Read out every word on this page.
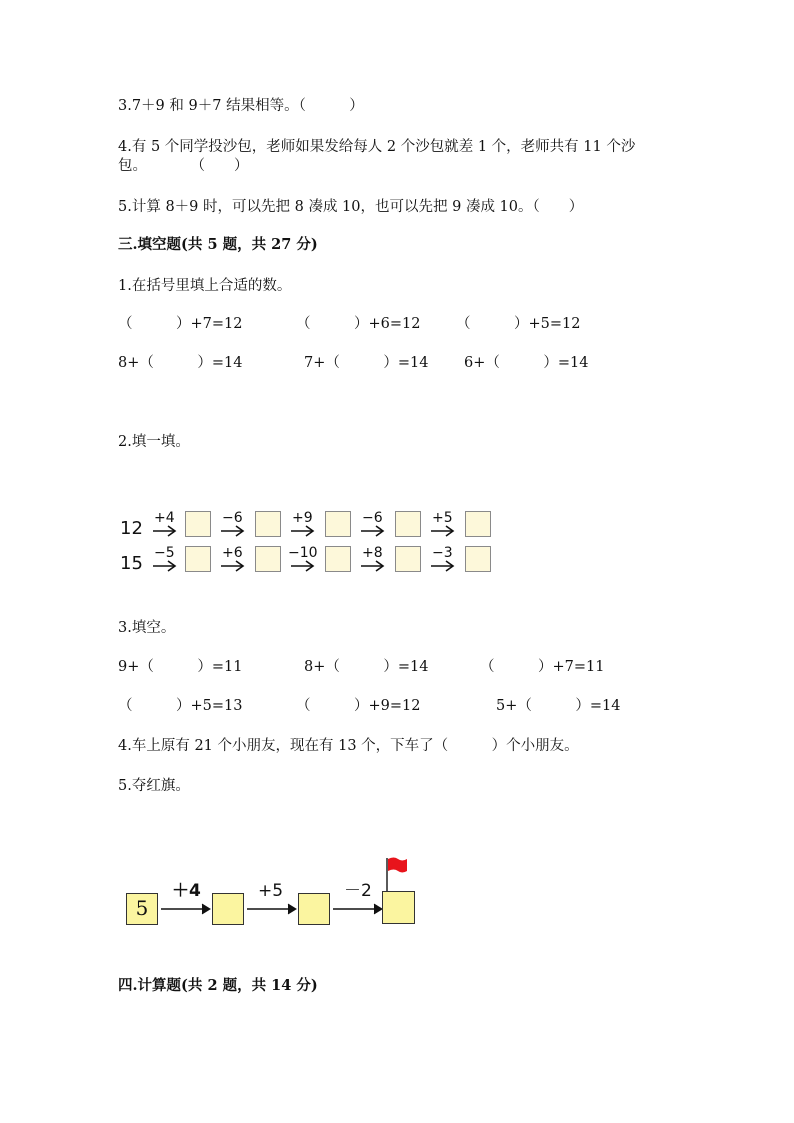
3.7＋9 和 9＋7 结果相等。（　　　）
4.有 5 个同学投沙包，老师如果发给每人 2 个沙包就差 1 个，老师共有 11 个沙
包。　　　　（　　）
5.计算 8＋9 时，可以先把 8 凑成 10，也可以先把 9 凑成 10。（　　）
三.填空题(共 5 题，共 27 分)
1.在括号里填上合适的数。
（　　　）+7=12	（　　　）+6=12 （　　　）+5=12
8+（　　　）=14	7+（　　　）=14 6+（　　　）=14
2.填一填。
12 +4	−6	+9	−6	+5
15 −5	+6	−10	+8	−3
3.填空。
9+（　　　）=11	8+（　　　）=14	（　　　）+7=11
（　　　）+5=13	（　　　）+9=12	5+（　　　）=14
4.车上原有 21 个小朋友，现在有 13 个，下车了（　　　）个小朋友。
5.夺红旗。
5
＋4	+5	－2
四.计算题(共 2 题，共 14 分)
